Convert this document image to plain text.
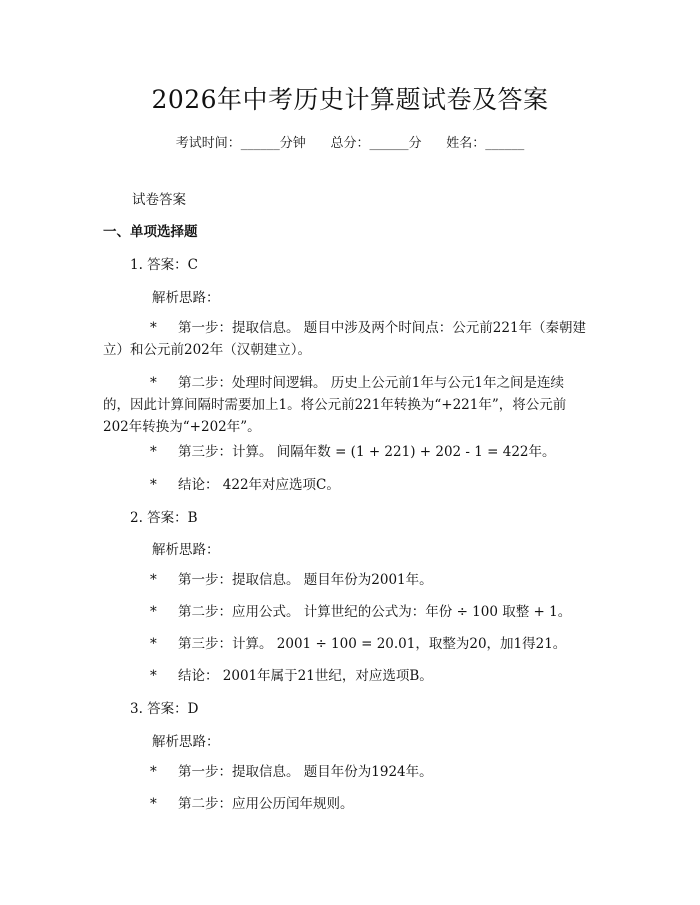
2026年中考历史计算题试卷及答案
考试时间：______分钟      总分：______分      姓名：______
试卷答案
一、单项选择题
1. 答案：C
解析思路：
* 第一步：提取信息。 题目中涉及两个时间点：公元前221年（秦朝建
立）和公元前202年（汉朝建立）。
* 第二步：处理时间逻辑。 历史上公元前1年与公元1年之间是连续
的，因此计算间隔时需要加上1。将公元前221年转换为“+221年”，将公元前
202年转换为“+202年”。
* 第三步：计算。 间隔年数 = (1 + 221) + 202 - 1 = 422年。
* 结论： 422年对应选项C。
2. 答案：B
解析思路：
* 第一步：提取信息。 题目年份为2001年。
* 第二步：应用公式。 计算世纪的公式为：年份 ÷ 100 取整 + 1。
* 第三步：计算。 2001 ÷ 100 = 20.01，取整为20，加1得21。
* 结论： 2001年属于21世纪，对应选项B。
3. 答案：D
解析思路：
* 第一步：提取信息。 题目年份为1924年。
* 第二步：应用公历闰年规则。
